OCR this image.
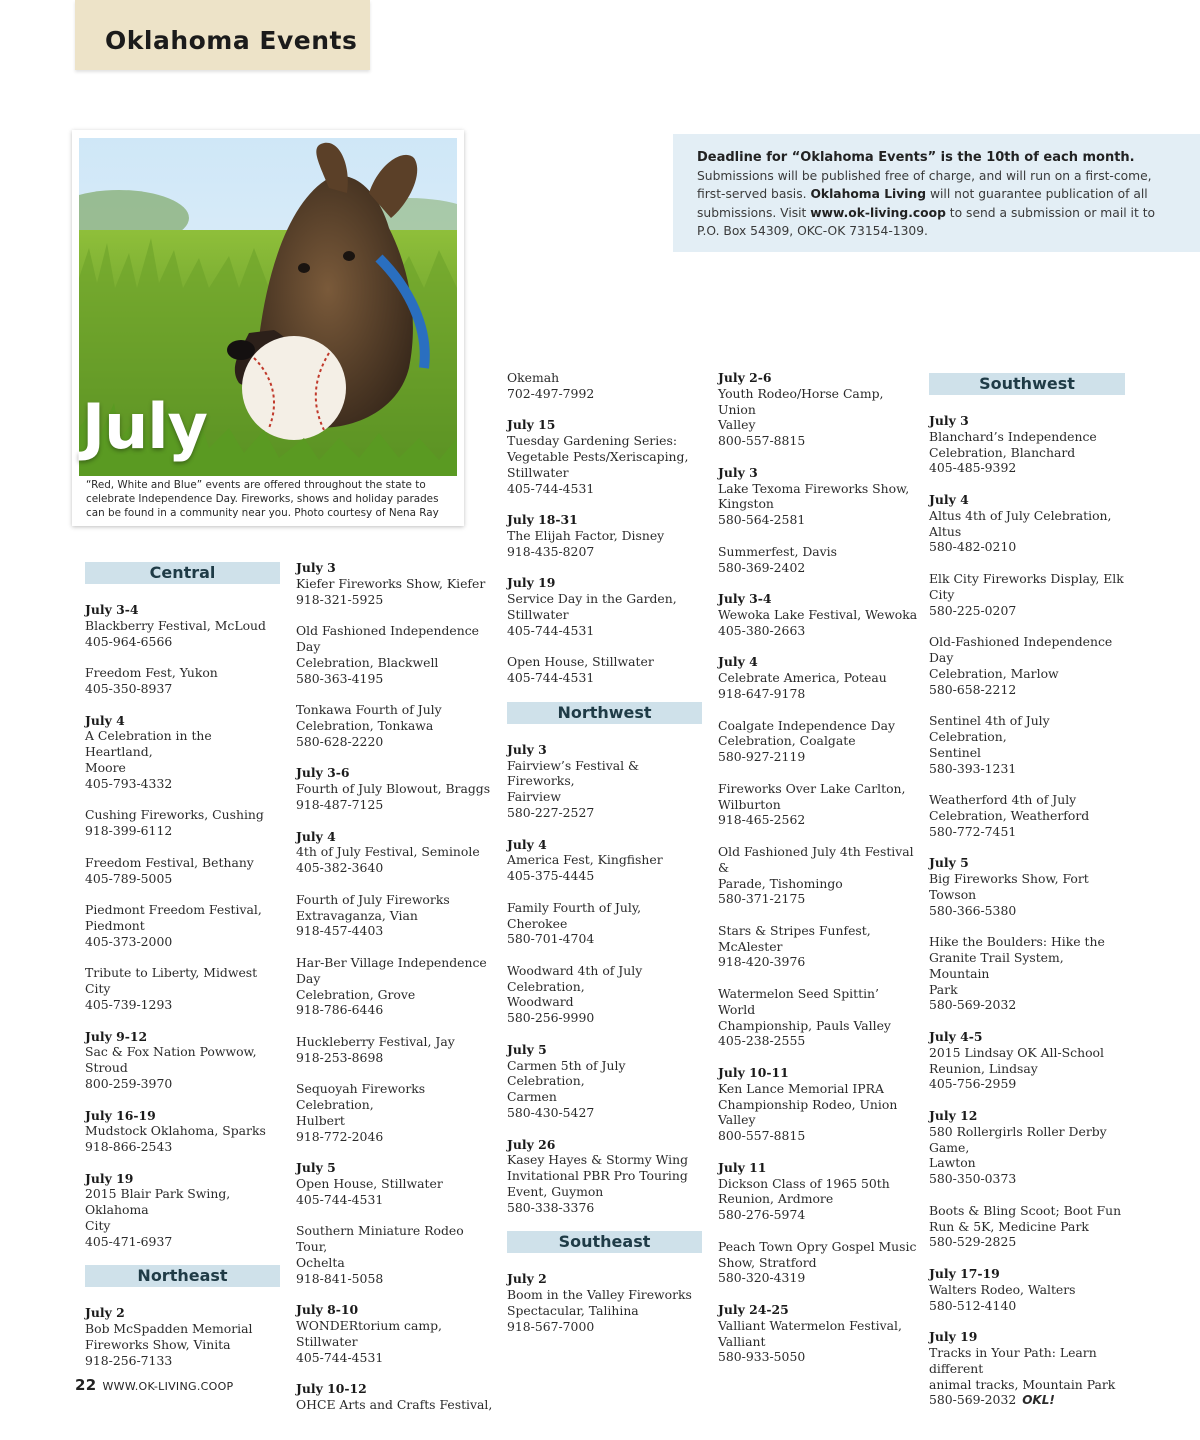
Oklahoma Events
Deadline for “Oklahoma Events” is the 10th of each month.
Submissions will be published free of charge, and will run on a first-come,
first-served basis. Oklahoma Living will not guarantee publication of all
submissions. Visit www.ok-living.coop to send a submission or mail it to
P.O. Box 54309, OKC-OK 73154-1309.
July
“Red, White and Blue” events are offered throughout the state to celebrate Independence Day. Fireworks, shows and holiday parades can be found in a community near you. Photo courtesy of Nena Ray
Central
July 3-4
Blackberry Festival, McLoud
405-964-6566
Freedom Fest, Yukon
405-350-8937
July 4
A Celebration in the Heartland,
Moore
405-793-4332
Cushing Fireworks, Cushing
918-399-6112
Freedom Festival, Bethany
405-789-5005
Piedmont Freedom Festival,
Piedmont
405-373-2000
Tribute to Liberty, Midwest City
405-739-1293
July 9-12
Sac & Fox Nation Powwow, Stroud
800-259-3970
July 16-19
Mudstock Oklahoma, Sparks
918-866-2543
July 19
2015 Blair Park Swing, Oklahoma
City
405-471-6937
Northeast
July 2
Bob McSpadden Memorial
Fireworks Show, Vinita
918-256-7133
July 3
Kiefer Fireworks Show, Kiefer
918-321-5925
Old Fashioned Independence Day
Celebration, Blackwell
580-363-4195
Tonkawa Fourth of July
Celebration, Tonkawa
580-628-2220
July 3-6
Fourth of July Blowout, Braggs
918-487-7125
July 4
4th of July Festival, Seminole
405-382-3640
Fourth of July Fireworks
Extravaganza, Vian
918-457-4403
Har-Ber Village Independence Day
Celebration, Grove
918-786-6446
Huckleberry Festival, Jay
918-253-8698
Sequoyah Fireworks Celebration,
Hulbert
918-772-2046
July 5
Open House, Stillwater
405-744-4531
Southern Miniature Rodeo Tour,
Ochelta
918-841-5058
July 8-10
WONDERtorium camp, Stillwater
405-744-4531
July 10-12
OHCE Arts and Crafts Festival,
Okemah
702-497-7992
July 15
Tuesday Gardening Series:
Vegetable Pests/Xeriscaping,
Stillwater
405-744-4531
July 18-31
The Elijah Factor, Disney
918-435-8207
July 19
Service Day in the Garden,
Stillwater
405-744-4531
Open House, Stillwater
405-744-4531
Northwest
July 3
Fairview’s Festival & Fireworks,
Fairview
580-227-2527
July 4
America Fest, Kingfisher
405-375-4445
Family Fourth of July, Cherokee
580-701-4704
Woodward 4th of July Celebration,
Woodward
580-256-9990
July 5
Carmen 5th of July Celebration,
Carmen
580-430-5427
July 26
Kasey Hayes & Stormy Wing
Invitational PBR Pro Touring
Event, Guymon
580-338-3376
Southeast
July 2
Boom in the Valley Fireworks
Spectacular, Talihina
918-567-7000
July 2-6
Youth Rodeo/Horse Camp, Union
Valley
800-557-8815
July 3
Lake Texoma Fireworks Show,
Kingston
580-564-2581
Summerfest, Davis
580-369-2402
July 3-4
Wewoka Lake Festival, Wewoka
405-380-2663
July 4
Celebrate America, Poteau
918-647-9178
Coalgate Independence Day
Celebration, Coalgate
580-927-2119
Fireworks Over Lake Carlton,
Wilburton
918-465-2562
Old Fashioned July 4th Festival &
Parade, Tishomingo
580-371-2175
Stars & Stripes Funfest, McAlester
918-420-3976
Watermelon Seed Spittin’ World
Championship, Pauls Valley
405-238-2555
July 10-11
Ken Lance Memorial IPRA
Championship Rodeo, Union
Valley
800-557-8815
July 11
Dickson Class of 1965 50th
Reunion, Ardmore
580-276-5974
Peach Town Opry Gospel Music
Show, Stratford
580-320-4319
July 24-25
Valliant Watermelon Festival,
Valliant
580-933-5050
Southwest
July 3
Blanchard’s Independence
Celebration, Blanchard
405-485-9392
July 4
Altus 4th of July Celebration, Altus
580-482-0210
Elk City Fireworks Display, Elk
City
580-225-0207
Old-Fashioned Independence Day
Celebration, Marlow
580-658-2212
Sentinel 4th of July Celebration,
Sentinel
580-393-1231
Weatherford 4th of July
Celebration, Weatherford
580-772-7451
July 5
Big Fireworks Show, Fort Towson
580-366-5380
Hike the Boulders: Hike the
Granite Trail System, Mountain
Park
580-569-2032
July 4-5
2015 Lindsay OK All-School
Reunion, Lindsay
405-756-2959
July 12
580 Rollergirls Roller Derby Game,
Lawton
580-350-0373
Boots & Bling Scoot; Boot Fun
Run & 5K, Medicine Park
580-529-2825
July 17-19
Walters Rodeo, Walters
580-512-4140
July 19
Tracks in Your Path: Learn different
animal tracks, Mountain Park
580-569-2032 OKL!
22 WWW.OK-LIVING.COOP
